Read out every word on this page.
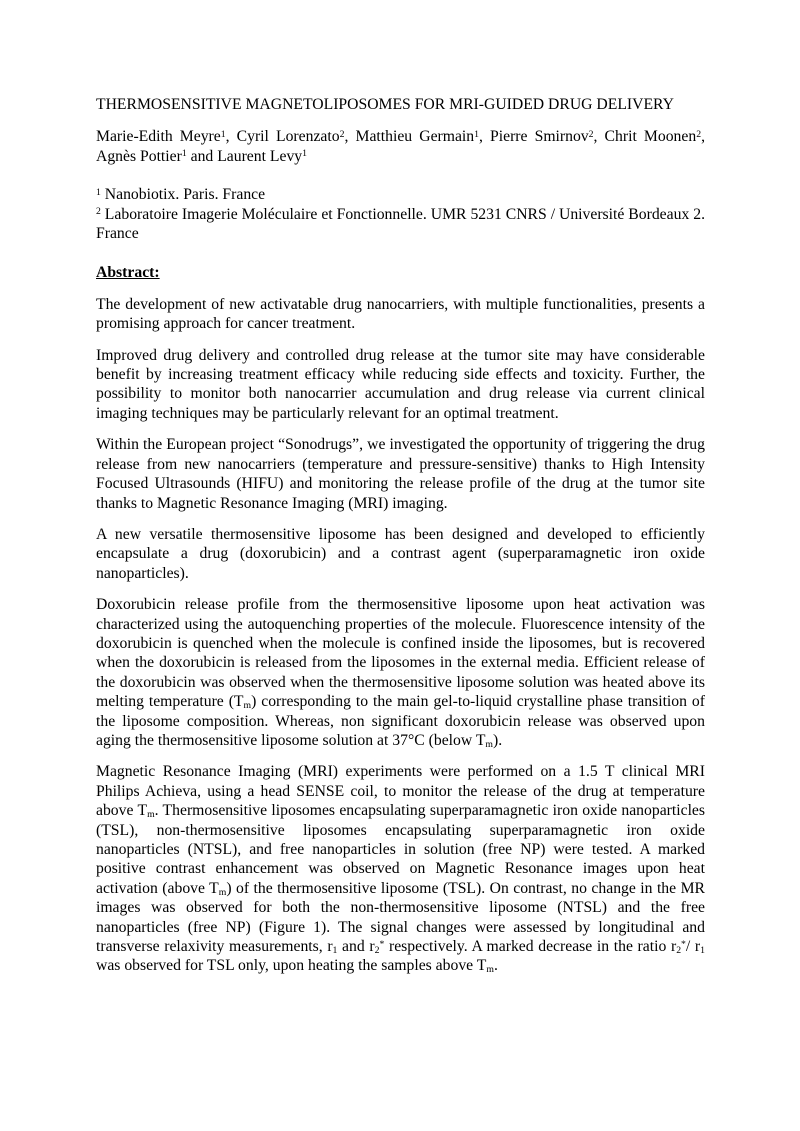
THERMOSENSITIVE MAGNETOLIPOSOMES FOR MRI-GUIDED DRUG DELIVERY

Marie-Edith Meyre$^1$, Cyril Lorenzato$^2$, Matthieu Germain$^1$, Pierre Smirnov$^2$, Chrit Moonen$^2$, Agnès Pottier$^1$ and Laurent Levy$^1$

$^1$ Nanobiotix. Paris. France

$^2$ Laboratoire Imagerie Moléculaire et Fonctionnelle. UMR 5231 CNRS / Université Bordeaux 2. France

Abstract:

The development of new activatable drug nanocarriers, with multiple functionalities, presents a promising approach for cancer treatment.

Improved drug delivery and controlled drug release at the tumor site may have considerable benefit by increasing treatment efficacy while reducing side effects and toxicity. Further, the possibility to monitor both nanocarrier accumulation and drug release via current clinical imaging techniques may be particularly relevant for an optimal treatment.

Within the European project “Sonodrugs”, we investigated the opportunity of triggering the drug release from new nanocarriers (temperature and pressure-sensitive) thanks to High Intensity Focused Ultrasounds (HIFU) and monitoring the release profile of the drug at the tumor site thanks to Magnetic Resonance Imaging (MRI) imaging.

A new versatile thermosensitive liposome has been designed and developed to efficiently encapsulate a drug (doxorubicin) and a contrast agent (superparamagnetic iron oxide nanoparticles).

Doxorubicin release profile from the thermosensitive liposome upon heat activation was characterized using the autoquenching properties of the molecule. Fluorescence intensity of the doxorubicin is quenched when the molecule is confined inside the liposomes, but is recovered when the doxorubicin is released from the liposomes in the external media. Efficient release of the doxorubicin was observed when the thermosensitive liposome solution was heated above its melting temperature $(T_m)$ corresponding to the main gel-to-liquid crystalline phase transition of the liposome composition. Whereas, non significant doxorubicin release was observed upon aging the thermosensitive liposome solution at 37°C (below $T_m$).

Magnetic Resonance Imaging (MRI) experiments were performed on a 1.5 T clinical MRI Philips Achieva, using a head SENSE coil, to monitor the release of the drug at temperature above $T_m$. Thermosensitive liposomes encapsulating superparamagnetic iron oxide nanoparticles (TSL), non-thermosensitive liposomes encapsulating superparamagnetic iron oxide nanoparticles (NTSL), and free nanoparticles in solution (free NP) were tested. A marked positive contrast enhancement was observed on Magnetic Resonance images upon heat activation (above $T_m$) of the thermosensitive liposome (TSL). On contrast, no change in the MR images was observed for both the non-thermosensitive liposome (NTSL) and the free nanoparticles (free NP) (Figure 1). The signal changes were assessed by longitudinal and transverse relaxivity measurements, $r_1$ and $r_2^*$ respectively. A marked decrease in the ratio $r_2^*/$ $r_1$ was observed for TSL only, upon heating the samples above $T_m$.
